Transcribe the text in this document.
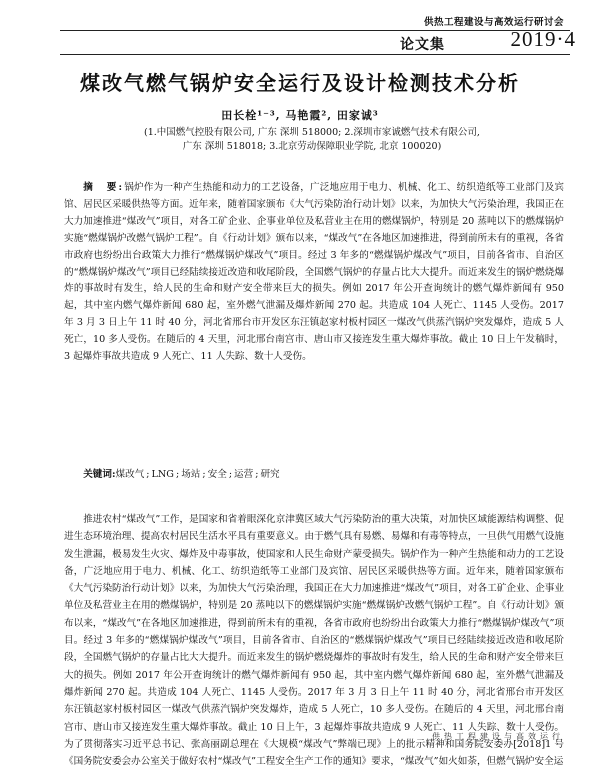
供热工程建设与高效运行研讨会
论文集	2019·4
煤改气燃气锅炉安全运行及设计检测技术分析
田长栓¹⁻³, 马艳霞², 田家诚³
(1.中国燃气控股有限公司, 广东 深圳 518000; 2.深圳市家诚燃气技术有限公司,
广东 深圳 518018; 3.北京劳动保障职业学院, 北京 100020)

摘　要:锅炉作为一种产生热能和动力的工艺设备，广泛地应用于电力、机械、化工、纺织造纸等工业部门及宾馆、居民区采暖供热等方面。近年来，随着国家颁布《大气污染防治行动计划》以来，为加快大气污染治理，我国正在大力加速推进“煤改气”项目，对各工矿企业、企事业单位及私营业主在用的燃煤锅炉，特别是 20 蒸吨以下的燃煤锅炉实施“燃煤锅炉改燃气锅炉工程”。自《行动计划》颁布以来，“煤改气”在各地区加速推进，得到前所未有的重视，各省市政府也纷纷出台政策大力推行“燃煤锅炉煤改气”项目。经过 3 年多的“燃煤锅炉煤改气”项目，目前各省市、自治区的“燃煤锅炉煤改气”项目已经陆续接近改造和收尾阶段，全国燃气锅炉的存量占比大大提升。而近来发生的锅炉燃烧爆炸的事故时有发生，给人民的生命和财产安全带来巨大的损失。例如 2017 年公开查询统计的燃气爆炸新闻有 950起，其中室内燃气爆炸新闻 680 起，室外燃气泄漏及爆炸新闻 270 起。共造成 104 人死亡、1145 人受伤。2017 年 3 月 3 日上午 11 时 40 分，河北省邢台市开发区东汪镇赵家村板村园区一煤改气供蒸汽锅炉突发爆炸，造成 5 人死亡，10 多人受伤。在随后的 4 天里，河北邢台南宫市、唐山市又接连发生重大爆炸事故。截止 10 日上午发稿时，3 起爆炸事故共造成 9 人死亡、11 人失踪、数十人受伤。

关键词:煤改气 ; LNG ; 场站 ; 安全 ; 运营 ; 研究

推进农村“煤改气”工作，是国家和省着眼深化京津冀区域大气污染防治的重大决策，对加快区域能源结构调整、促进生态环境治理、提高农村居民生活水平具有重要意义。由于燃气具有易燃、易爆和有毒等特点，一旦供气用燃气设施发生泄漏，极易发生火灾、爆炸及中毒事故，使国家和人民生命财产蒙受损失。锅炉作为一种产生热能和动力的工艺设备，广泛地应用于电力、机械、化工、纺织造纸等工业部门及宾馆、居民区采暖供热等方面。近年来，随着国家颁布《大气污染防治行动计划》以来，为加快大气污染治理，我国正在大力加速推进“煤改气”项目，对各工矿企业、企事业单位及私营业主在用的燃煤锅炉，特别是 20 蒸吨以下的燃煤锅炉实施“燃煤锅炉改燃气锅炉工程”。自《行动计划》颁布以来，“煤改气”在各地区加速推进，得到前所未有的重视，各省市政府也纷纷出台政策大力推行“燃煤锅炉煤改气”项目。经过 3 年多的“燃煤锅炉煤改气”项目，目前各省市、自治区的“燃煤锅炉煤改气”项目已经陆续接近改造和收尾阶段，全国燃气锅炉的存量占比大大提升。而近来发生的锅炉燃烧爆炸的事故时有发生，给人民的生命和财产安全带来巨大的损失。例如 2017 年公开查询统计的燃气爆炸新闻有 950 起，其中室内燃气爆炸新闻 680 起，室外燃气泄漏及爆炸新闻 270 起。共造成 104 人死亡、1145 人受伤。2017 年 3 月 3 日上午 11 时 40 分，河北省邢台市开发区东汪镇赵家村板村园区一煤改气供蒸汽锅炉突发爆炸，造成 5 人死亡，10 多人受伤。在随后的 4 天里，河北邢台南宫市、唐山市又接连发生重大爆炸事故。截止 10 日上午，3 起爆炸事故共造成 9 人死亡、11 人失踪、数十人受伤。为了贯彻落实习近平总书记、张高丽副总理在《大规模“煤改气”弊端已现》上的批示精神和国务院安委办[2018]1 号《国务院安委会办公室关于做好农村“煤改气”工程安全生产工作的通知》要求，“煤改气”如火如荼，但燃气锅炉安全运

供热工程建设与高效运行
